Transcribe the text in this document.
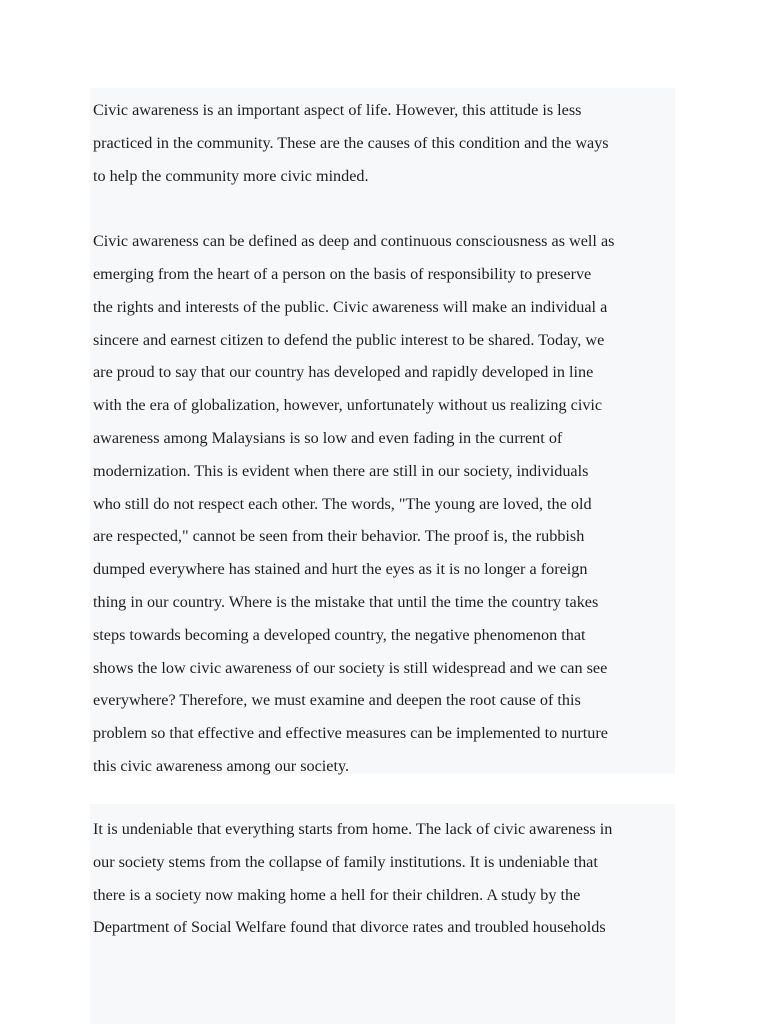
Civic awareness is an important aspect of life. However, this attitude is less
practiced in the community. These are the causes of this condition and the ways
to help the community more civic minded.

Civic awareness can be defined as deep and continuous consciousness as well as
emerging from the heart of a person on the basis of responsibility to preserve
the rights and interests of the public. Civic awareness will make an individual a
sincere and earnest citizen to defend the public interest to be shared. Today, we
are proud to say that our country has developed and rapidly developed in line
with the era of globalization, however, unfortunately without us realizing civic
awareness among Malaysians is so low and even fading in the current of
modernization. This is evident when there are still in our society, individuals
who still do not respect each other. The words, "The young are loved, the old
are respected," cannot be seen from their behavior. The proof is, the rubbish
dumped everywhere has stained and hurt the eyes as it is no longer a foreign
thing in our country. Where is the mistake that until the time the country takes
steps towards becoming a developed country, the negative phenomenon that
shows the low civic awareness of our society is still widespread and we can see
everywhere? Therefore, we must examine and deepen the root cause of this
problem so that effective and effective measures can be implemented to nurture
this civic awareness among our society.

It is undeniable that everything starts from home. The lack of civic awareness in
our society stems from the collapse of family institutions. It is undeniable that
there is a society now making home a hell for their children. A study by the
Department of Social Welfare found that divorce rates and troubled households
